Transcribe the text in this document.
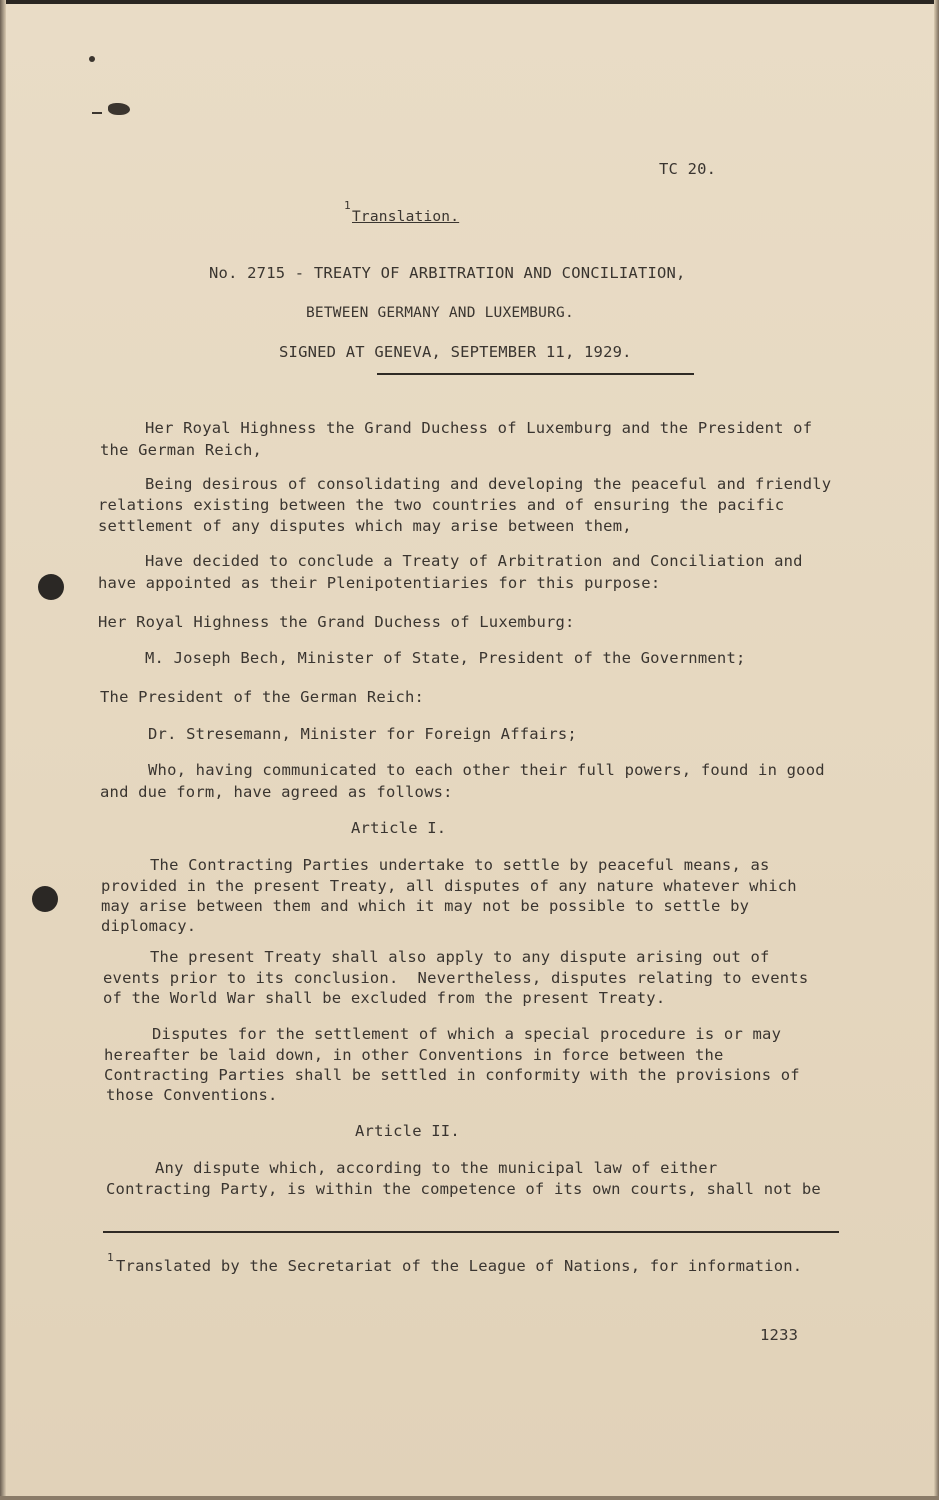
TC 20.
1
Translation.
No. 2715 - TREATY OF ARBITRATION AND CONCILIATION,
BETWEEN GERMANY AND LUXEMBURG.
SIGNED AT GENEVA, SEPTEMBER 11, 1929.
Her Royal Highness the Grand Duchess of Luxemburg and the President of
the German Reich,
Being desirous of consolidating and developing the peaceful and friendly
relations existing between the two countries and of ensuring the pacific
settlement of any disputes which may arise between them,
Have decided to conclude a Treaty of Arbitration and Conciliation and
have appointed as their Plenipotentiaries for this purpose:
Her Royal Highness the Grand Duchess of Luxemburg:
M. Joseph Bech, Minister of State, President of the Government;
The President of the German Reich:
Dr. Stresemann, Minister for Foreign Affairs;
Who, having communicated to each other their full powers, found in good
and due form, have agreed as follows:
Article I.
The Contracting Parties undertake to settle by peaceful means, as
provided in the present Treaty, all disputes of any nature whatever which
may arise between them and which it may not be possible to settle by
diplomacy.
The present Treaty shall also apply to any dispute arising out of
events prior to its conclusion.  Nevertheless, disputes relating to events
of the World War shall be excluded from the present Treaty.
Disputes for the settlement of which a special procedure is or may
hereafter be laid down, in other Conventions in force between the
Contracting Parties shall be settled in conformity with the provisions of
those Conventions.
Article II.
Any dispute which, according to the municipal law of either
Contracting Party, is within the competence of its own courts, shall not be
1 Translated by the Secretariat of the League of Nations, for information.
1233
